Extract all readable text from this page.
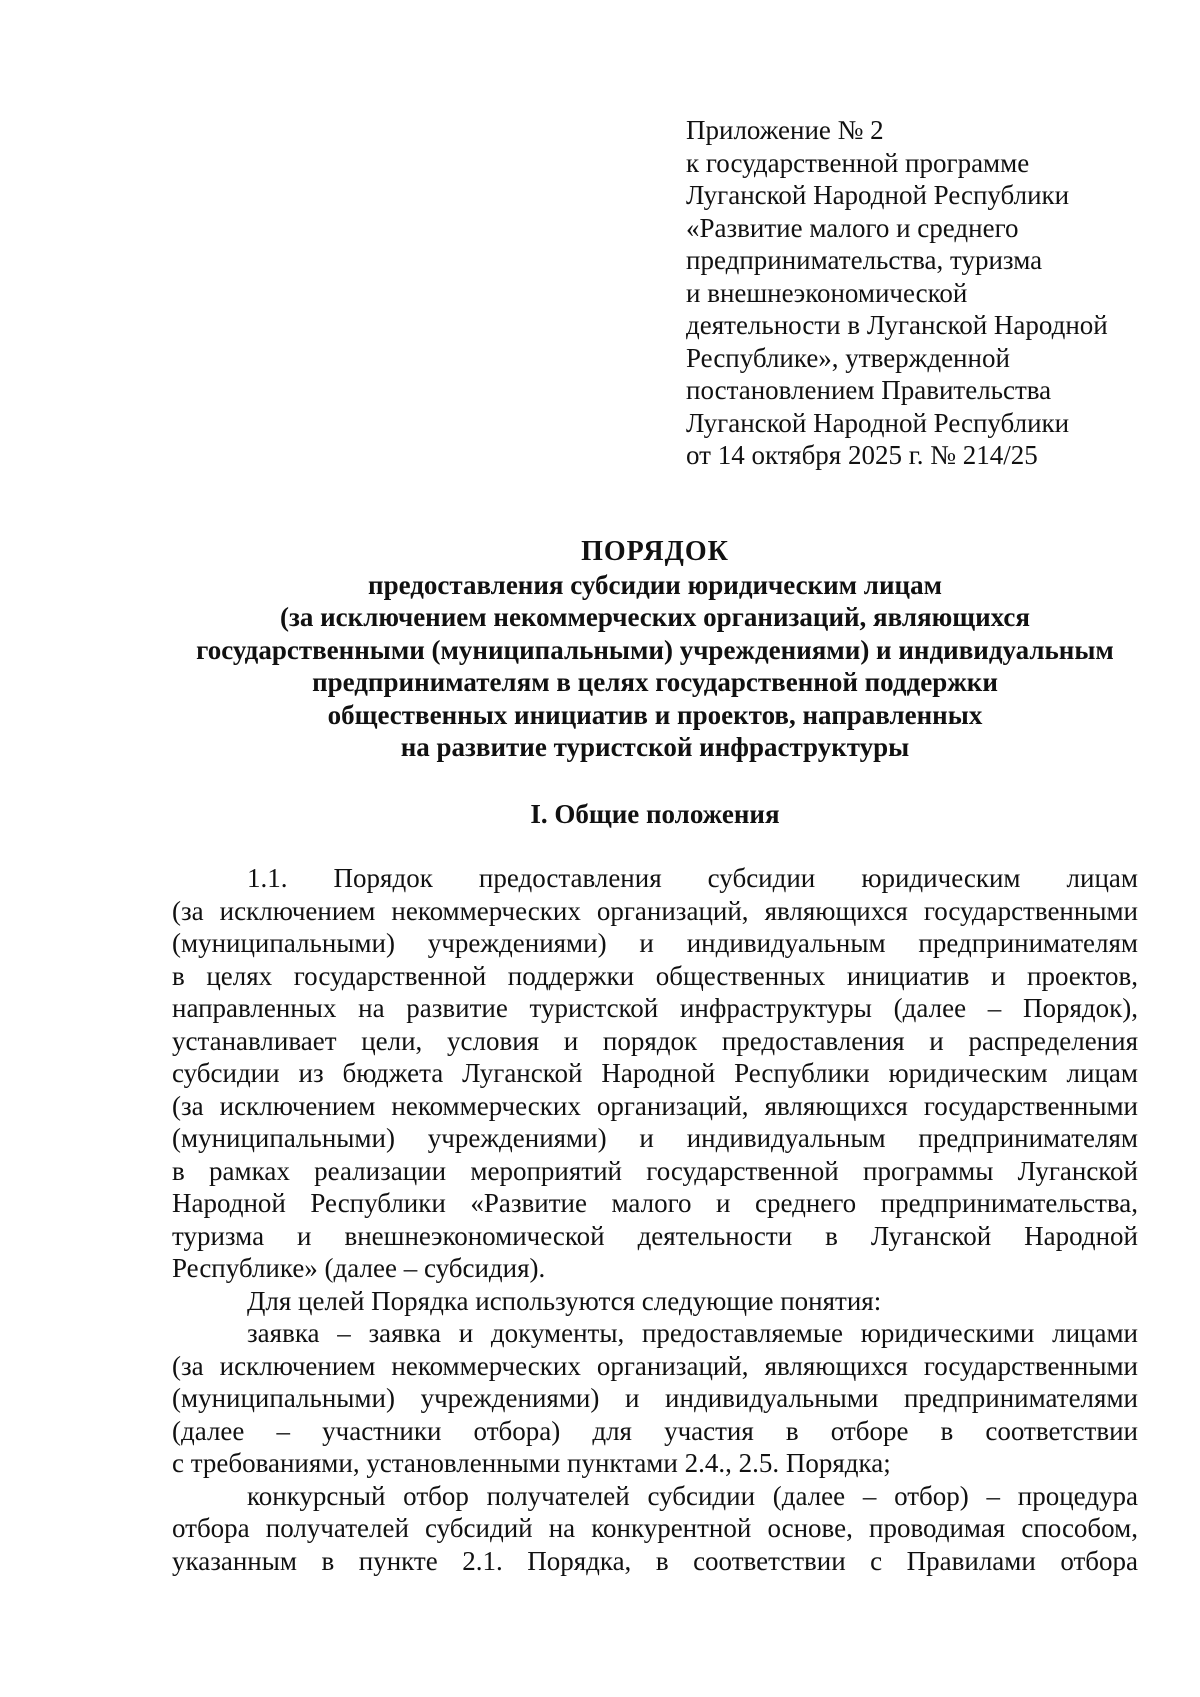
Приложение № 2
к государственной программе
Луганской Народной Республики
«Развитие малого и среднего
предпринимательства, туризма
и внешнеэкономической
деятельности в Луганской Народной
Республике», утвержденной
постановлением Правительства
Луганской Народной Республики
от 14 октября 2025 г. № 214/25
ПОРЯДОК
предоставления субсидии юридическим лицам
(за исключением некоммерческих организаций, являющихся
государственными (муниципальными) учреждениями) и индивидуальным
предпринимателям в целях государственной поддержки
общественных инициатив и проектов, направленных
на развитие туристской инфраструктуры
I. Общие положения
1.1. Порядок предоставления субсидии юридическим лицам
(за исключением некоммерческих организаций, являющихся государственными
(муниципальными) учреждениями) и индивидуальным предпринимателям
в целях государственной поддержки общественных инициатив и проектов,
направленных на развитие туристской инфраструктуры (далее – Порядок),
устанавливает цели, условия и порядок предоставления и распределения
субсидии из бюджета Луганской Народной Республики юридическим лицам
(за исключением некоммерческих организаций, являющихся государственными
(муниципальными) учреждениями) и индивидуальным предпринимателям
в рамках реализации мероприятий государственной программы Луганской
Народной Республики «Развитие малого и среднего предпринимательства,
туризма и внешнеэкономической деятельности в Луганской Народной
Республике» (далее – субсидия).
Для целей Порядка используются следующие понятия:
заявка – заявка и документы, предоставляемые юридическими лицами
(за исключением некоммерческих организаций, являющихся государственными
(муниципальными) учреждениями) и индивидуальными предпринимателями
(далее – участники отбора) для участия в отборе в соответствии
с требованиями, установленными пунктами 2.4., 2.5. Порядка;
конкурсный отбор получателей субсидии (далее – отбор) – процедура
отбора получателей субсидий на конкурентной основе, проводимая способом,
указанным в пункте 2.1. Порядка, в соответствии с Правилами отбора
